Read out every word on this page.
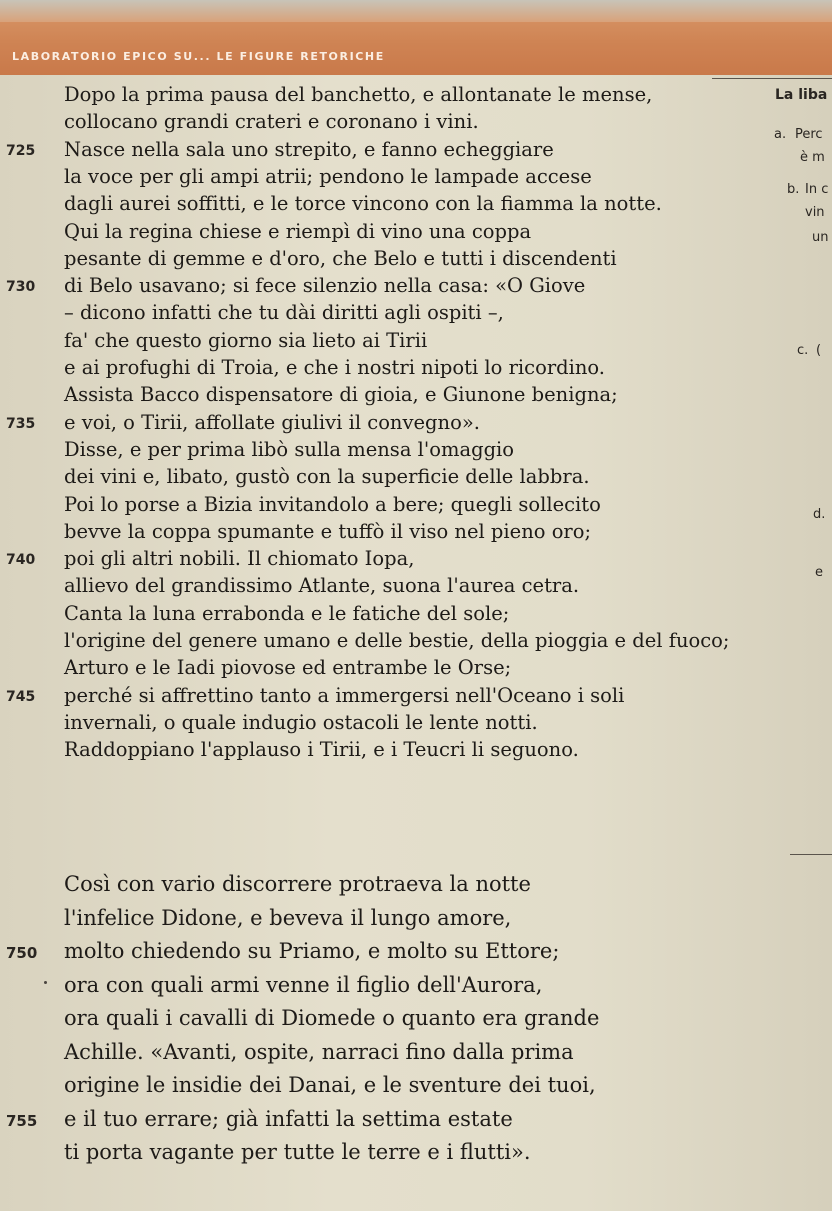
LABORATORIO EPICO SU... LE FIGURE RETORICHE
Dopo la prima pausa del banchetto, e allontanate le mense,
collocano grandi crateri e coronano i vini.
725 Nasce nella sala uno strepito, e fanno echeggiare
la voce per gli ampi atrii; pendono le lampade accese
dagli aurei soffitti, e le torce vincono con la fiamma la notte.
Qui la regina chiese e riempì di vino una coppa
pesante di gemme e d'oro, che Belo e tutti i discendenti
730 di Belo usavano; si fece silenzio nella casa: «O Giove
– dicono infatti che tu dài diritti agli ospiti –,
fa' che questo giorno sia lieto ai Tirii
e ai profughi di Troia, e che i nostri nipoti lo ricordino.
Assista Bacco dispensatore di gioia, e Giunone benigna;
735 e voi, o Tirii, affollate giulivi il convegno».
Disse, e per prima libò sulla mensa l'omaggio
dei vini e, libato, gustò con la superficie delle labbra.
Poi lo porse a Bizia invitandolo a bere; quegli sollecito
bevve la coppa spumante e tuffò il viso nel pieno oro;
740 poi gli altri nobili. Il chiomato Iopa,
allievo del grandissimo Atlante, suona l'aurea cetra.
Canta la luna errabonda e le fatiche del sole;
l'origine del genere umano e delle bestie, della pioggia e del fuoco;
Arturo e le Iadi piovose ed entrambe le Orse;
745 perché si affrettino tanto a immergersi nell'Oceano i soli
invernali, o quale indugio ostacoli le lente notti.
Raddoppiano l'applauso i Tirii, e i Teucri li seguono.
Così con vario discorrere protraeva la notte
l'infelice Didone, e beveva il lungo amore,
750 molto chiedendo su Priamo, e molto su Ettore;
ora con quali armi venne il figlio dell'Aurora,
ora quali i cavalli di Diomede o quanto era grande
Achille. «Avanti, ospite, narraci fino dalla prima
origine le insidie dei Danai, e le sventure dei tuoi,
755 e il tuo errare; già infatti la settima estate
ti porta vagante per tutte le terre e i flutti».
La liba
a. Perc
è m
b. In c
vin
un
c. (
d.
e
